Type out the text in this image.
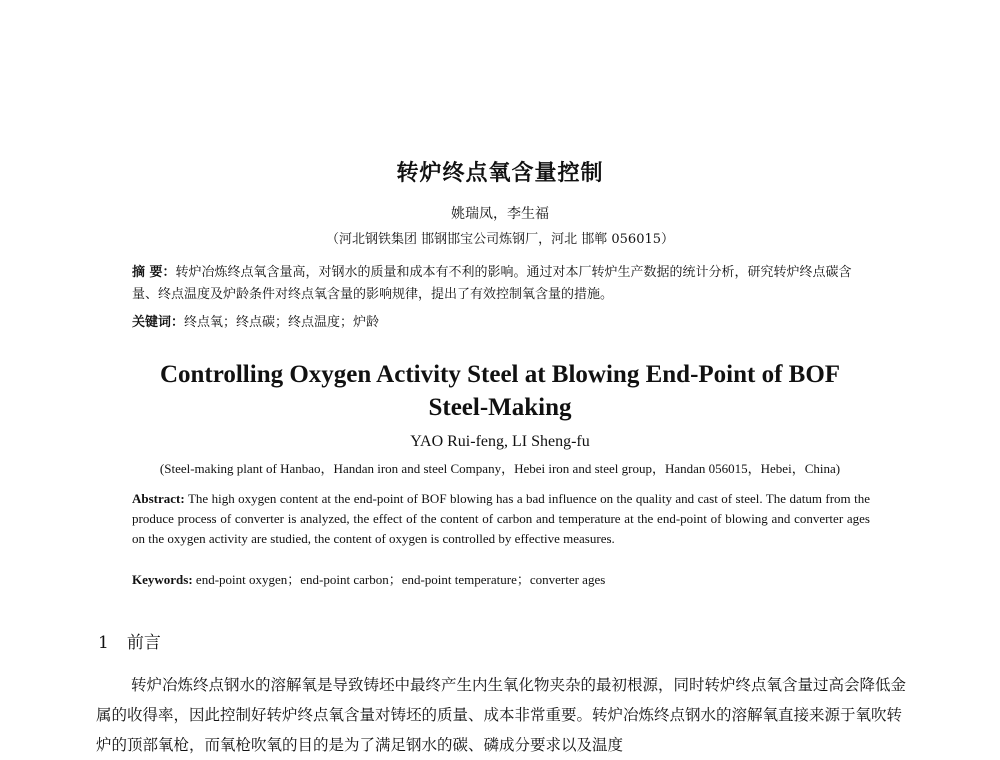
转炉终点氧含量控制
姚瑞凤，李生福
（河北钢铁集团 邯钢邯宝公司炼钢厂，河北 邯郸 056015）
摘 要：转炉冶炼终点氧含量高，对钢水的质量和成本有不利的影响。通过对本厂转炉生产数据的统计分析，研究转炉终点碳含量、终点温度及炉龄条件对终点氧含量的影响规律，提出了有效控制氧含量的措施。
关键词：终点氧；终点碳；终点温度；炉龄
Controlling Oxygen Activity Steel at Blowing End-Point of BOF
Steel-Making
YAO Rui-feng, LI Sheng-fu
(Steel-making plant of Hanbao，Handan iron and steel Company，Hebei iron and steel group，Handan 056015，Hebei，China)
Abstract: The high oxygen content at the end-point of BOF blowing has a bad influence on the quality and cast of steel. The datum from the produce process of converter is analyzed, the effect of the content of carbon and temperature at the end-point of blowing and converter ages on the oxygen activity are studied, the content of oxygen is controlled by effective measures.
Keywords: end-point oxygen；end-point carbon；end-point temperature；converter ages
1 前言
转炉冶炼终点钢水的溶解氧是导致铸坯中最终产生内生氧化物夹杂的最初根源，同时转炉终点氧含量过高会降低金属的收得率，因此控制好转炉终点氧含量对铸坯的质量、成本非常重要。转炉冶炼终点钢水的溶解氧直接来源于氧吹转炉的顶部氧枪，而氧枪吹氧的目的是为了满足钢水的碳、磷成分要求以及温度
